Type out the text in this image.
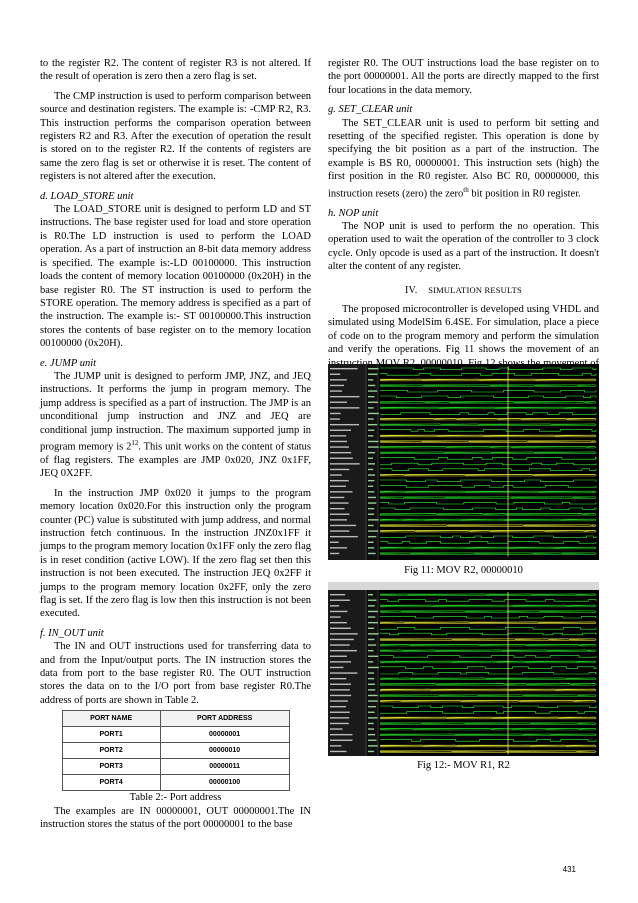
to the register R2. The content of register R3 is not altered. If the result of operation is zero then a zero flag is set.

The CMP instruction is used to perform comparison between source and destination registers. The example is: -CMP R2, R3. This instruction performs the comparison operation between registers R2 and R3. After the execution of operation the result is stored on to the register R2. If the contents of registers are same the zero flag is set or otherwise it is reset. The content of registers is not altered after the execution.

d. LOAD_STORE unit

The LOAD_STORE unit is designed to perform LD and ST instructions. The base register used for load and store operation is R0.The LD instruction is used to perform the LOAD operation. As a part of instruction an 8-bit data memory address is specified. The example is:-LD 00100000. This instruction loads the content of memory location 00100000 (0x20H) in the base register R0. The ST instruction is used to perform the STORE operation. The memory address is specified as a part of the instruction. The example is:- ST 00100000.This instruction stores the contents of base register on to the memory location 00100000 (0x20H).

e. JUMP unit

The JUMP unit is designed to perform JMP, JNZ, and JEQ instructions. It performs the jump in program memory. The jump address is specified as a part of instruction. The JMP is an unconditional jump instruction and JNZ and JEQ are conditional jump instruction. The maximum supported jump in program memory is $2^{12}$. This unit works on the content of status of flag registers. The examples are JMP 0x020, JNZ 0x1FF, JEQ 0X2FF.

In the instruction JMP 0x020 it jumps to the program memory location 0x020.For this instruction only the program counter (PC) value is substituted with jump address, and normal instruction fetch continuous. In the instruction JNZ0x1FF it jumps to the program memory location 0x1FF only the zero flag is in reset condition (active LOW). If the zero flag set then this instruction is not been executed. The instruction JEQ 0x2FF it jumps to the program memory location 0x2FF, only the zero flag is set. If the zero flag is low then this instruction is not been executed.

f. IN_OUT unit

The IN and OUT instructions used for transferring data to and from the Input/output ports. The IN instruction stores the data from port to the base register R0. The OUT instruction stores the data on to the I/O port from base register R0.The address of ports are shown in Table 2.

PORT NAME	PORT ADDRESS
PORT1	00000001
PORT2	00000010
PORT3	00000011
PORT4	00000100

Table 2:- Port address

The examples are IN 00000001, OUT 00000001.The IN instruction stores the status of the port 00000001 to the base

register R0. The OUT instructions load the base register on to the port 00000001. All the ports are directly mapped to the first four locations in the data memory.

g. SET_CLEAR unit

The SET_CLEAR unit is used to perform bit setting and resetting of the specified register. This operation is done by specifying the bit position as a part of the instruction. The example is BS R0, 00000001. This instruction sets (high) the first position in the R0 register. Also BC R0, 00000000, this instruction resets (zero) the zero$^{th}$ bit position in R0 register.

h. NOP unit

The NOP unit is used to perform the no operation. This operation used to wait the operation of the controller to 3 clock cycle. Only opcode is used as a part of the instruction. It doesn't alter the content of any register.

IV. SIMULATION RESULTS

The proposed microcontroller is developed using VHDL and simulated using ModelSim 6.4SE. For simulation, place a piece of code on to the program memory and perform the simulation and verify the operations. Fig 11 shows the movement of an

Fig 11: MOV R2, 00000010
Fig 12:- MOV R1, R2
431
